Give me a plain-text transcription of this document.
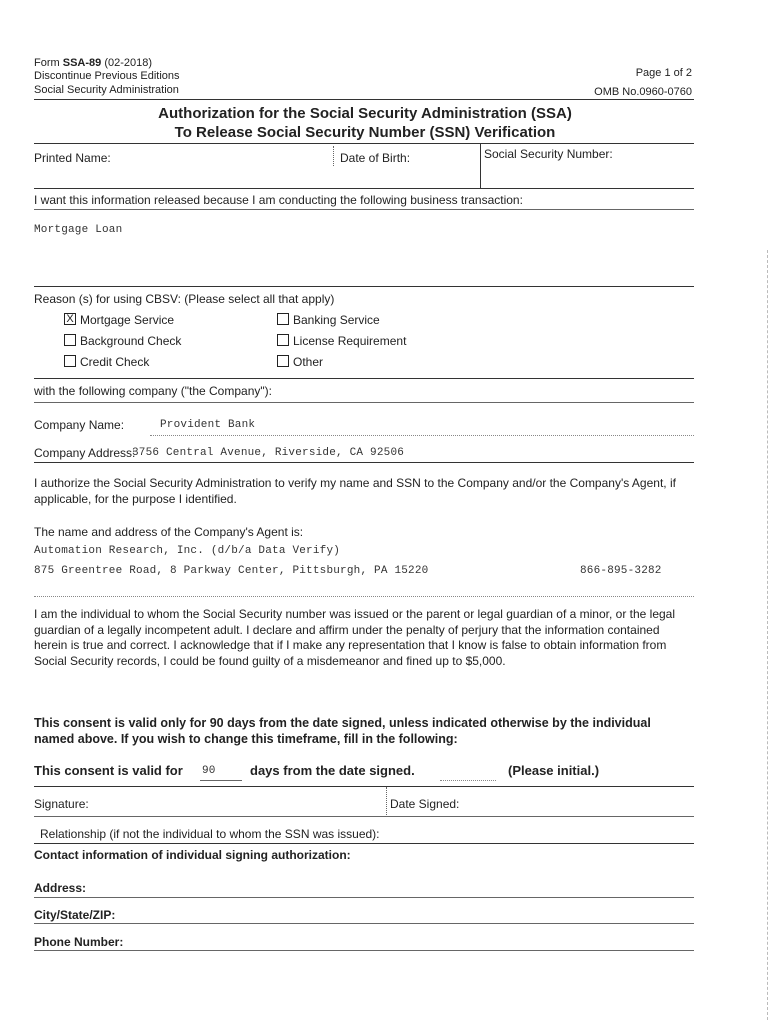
Form SSA-89 (02-2018)
Discontinue Previous Editions
Social Security Administration
Page 1 of 2
OMB No.0960-0760
Authorization for the Social Security Administration (SSA)
To Release Social Security Number (SSN) Verification
Printed Name:	Date of Birth:	Social Security Number:
I want this information released because I am conducting the following business transaction:
Mortgage Loan
Reason (s) for using CBSV: (Please select all that apply)
X Mortgage Service	Banking Service
Background Check	License Requirement
Credit Check	Other
with the following company ("the Company"):
Company Name:	Provident Bank
Company Address:
3756 Central Avenue, Riverside, CA 92506
I authorize the Social Security Administration to verify my name and SSN to the Company and/or the Company's Agent, if applicable, for the purpose I identified.
The name and address of the Company's Agent is:
Automation Research, Inc. (d/b/a Data Verify)
875 Greentree Road, 8 Parkway Center, Pittsburgh, PA 15220	866-895-3282
I am the individual to whom the Social Security number was issued or the parent or legal guardian of a minor, or the legal guardian of a legally incompetent adult. I declare and affirm under the penalty of perjury that the information contained herein is true and correct. I acknowledge that if I make any representation that I know is false to obtain information from Social Security records, I could be found guilty of a misdemeanor and fined up to $5,000.
This consent is valid only for 90 days from the date signed, unless indicated otherwise by the individual named above. If you wish to change this timeframe, fill in the following:
This consent is valid for 90	days from the date signed.	(Please initial.)
Signature:	Date Signed:
Relationship (if not the individual to whom the SSN was issued):
Contact information of individual signing authorization:
Address:
City/State/ZIP:
Phone Number:
